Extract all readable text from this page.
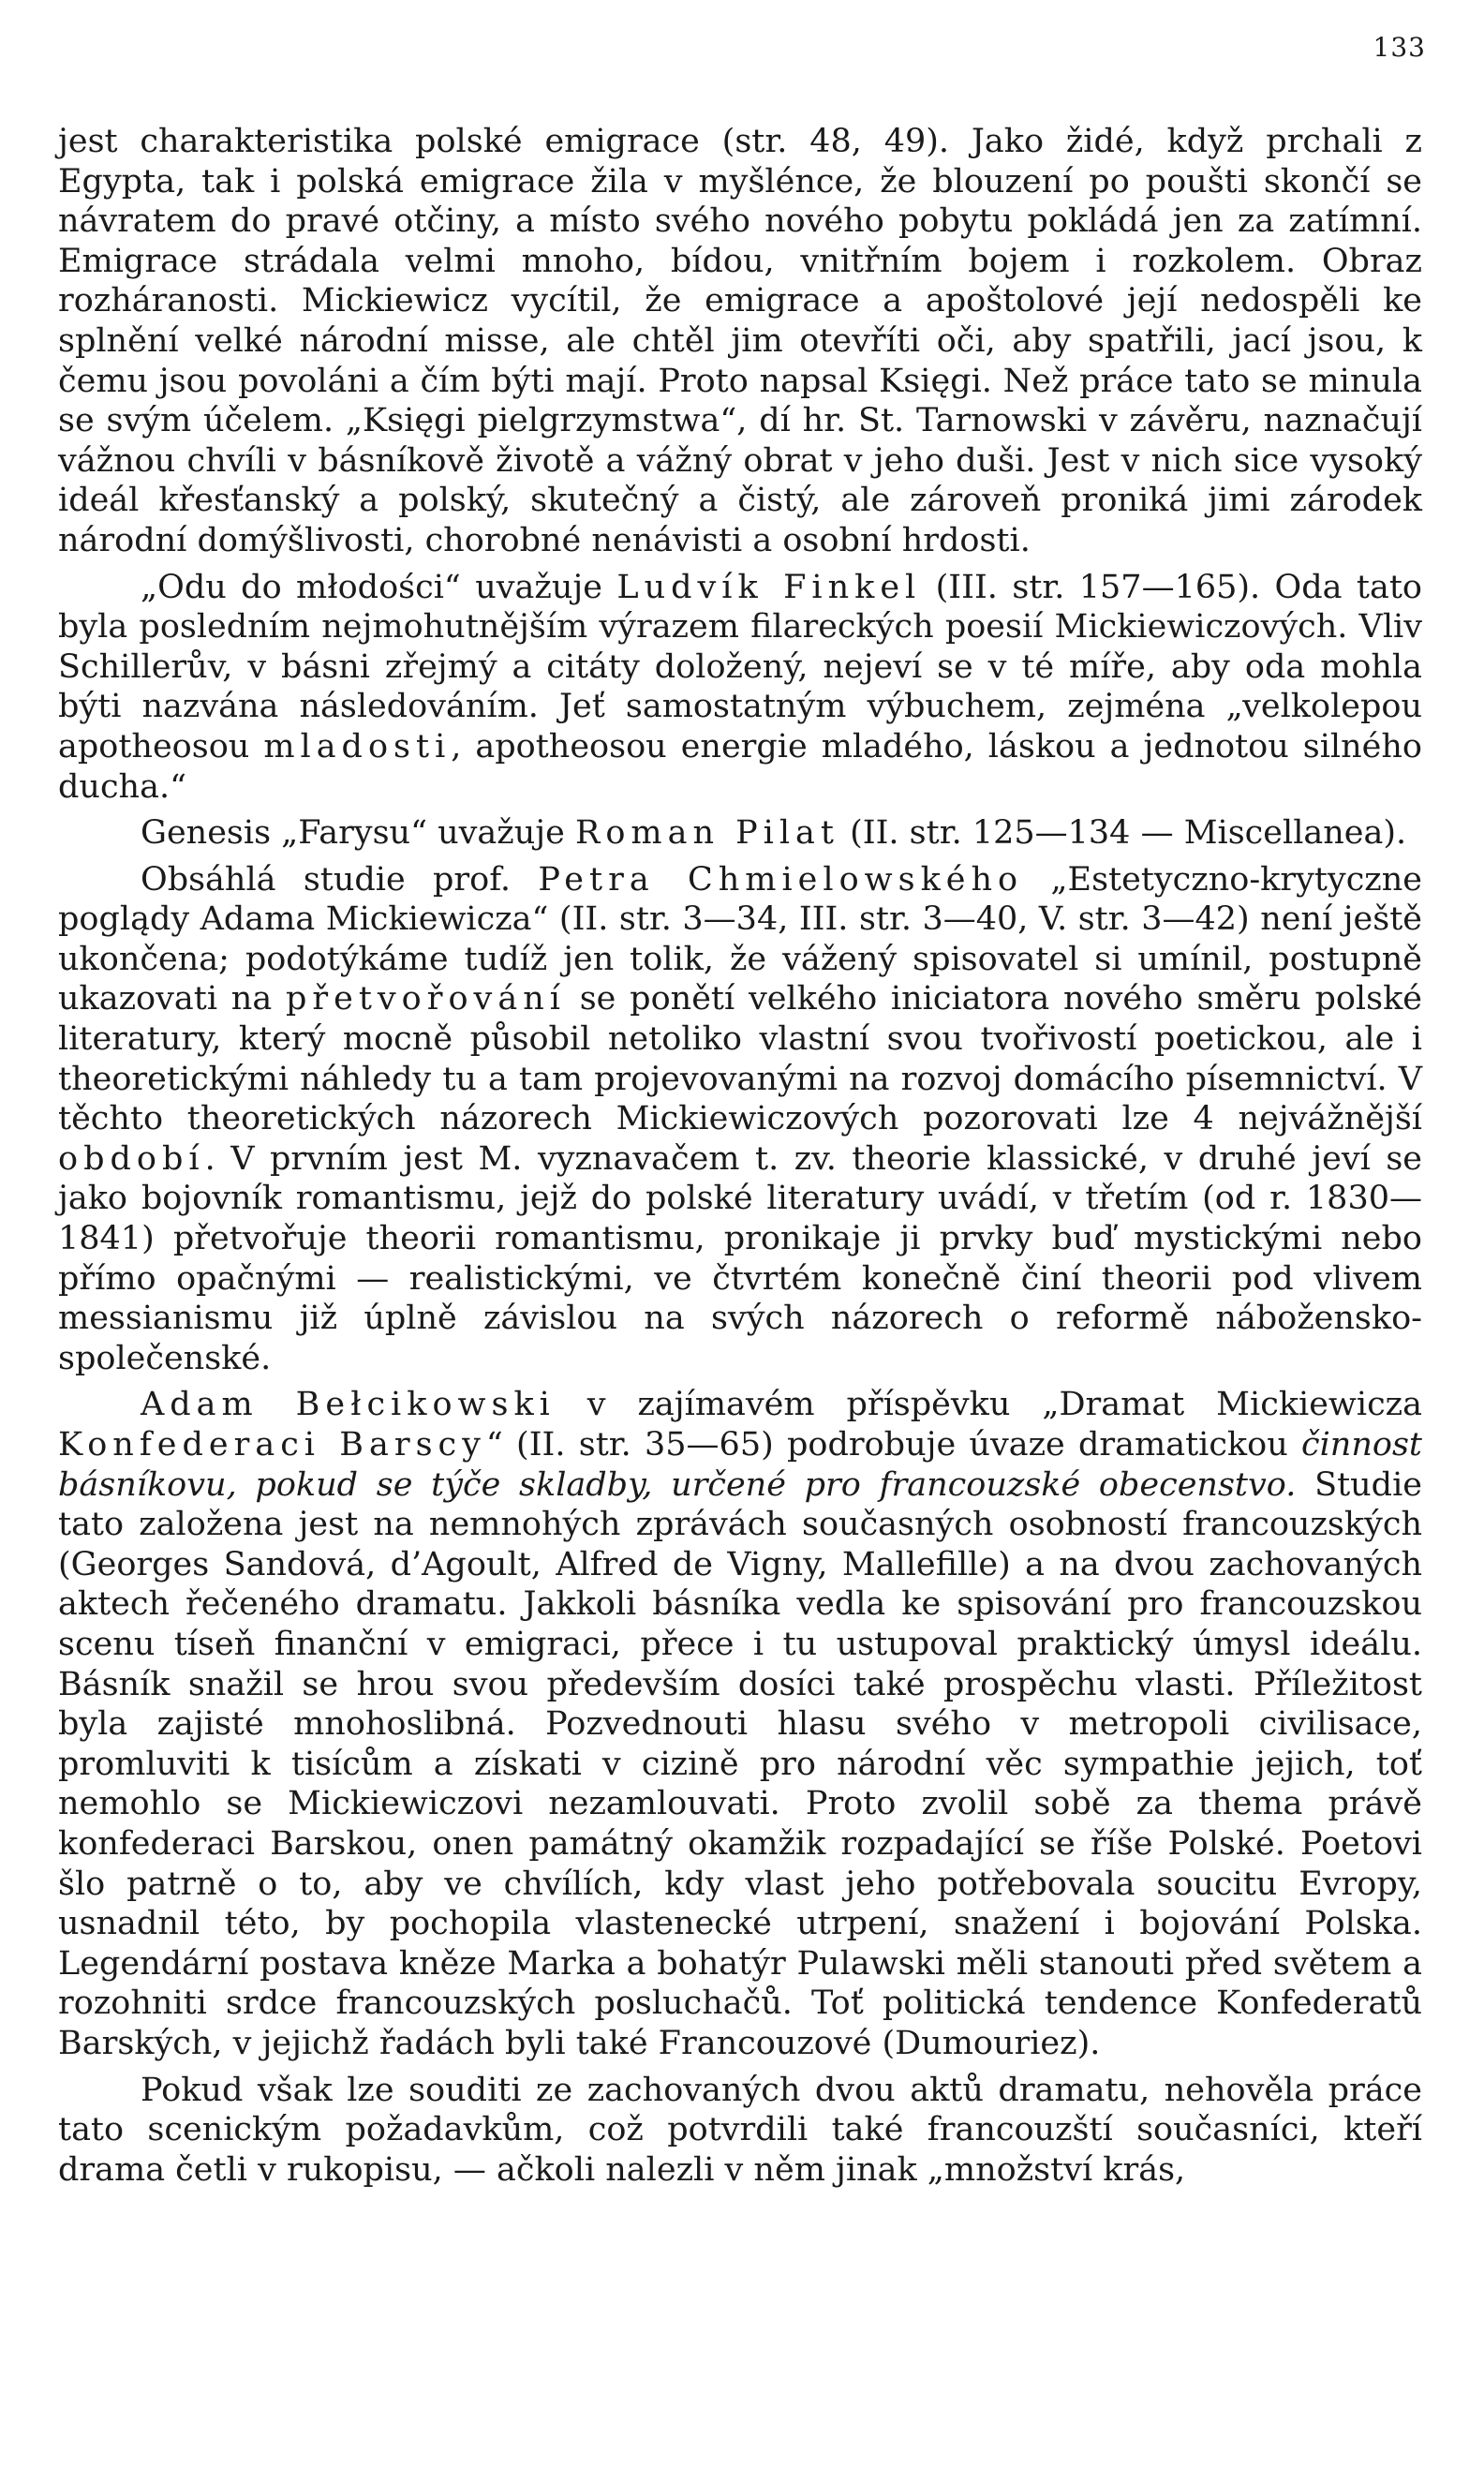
133

jest charakteristika polské emigrace (str. 48, 49). Jako židé, když prchali z Egypta, tak i polská emigrace žila v myšlénce, že blouzení po poušti skončí se návratem do pravé otčiny, a místo svého nového pobytu pokládá jen za zatímní. Emigrace strádala velmi mnoho, bídou, vnitřním bojem i rozkolem. Obraz rozháranosti. Mickiewicz vycítil, že emigrace a apoštolové její nedospěli ke splnění velké národní misse, ale chtěl jim otevříti oči, aby spatřili, jací jsou, k čemu jsou povoláni a čím býti mají. Proto napsal Księgi. Než práce tato se minula se svým účelem. „Księgi pielgrzymstwa“, dí hr. St. Tarnowski v závěru, naznačují vážnou chvíli v básníkově životě a vážný obrat v jeho duši. Jest v nich sice vysoký ideál křesťanský a polský, skutečný a čistý, ale zároveň proniká jimi zárodek národní domýšlivosti, chorobné nenávisti a osobní hrdosti.

„Odu do młodości“ uvažuje Ludvík Finkel (III. str. 157—165). Oda tato byla posledním nejmohutnějším výrazem filareckých poesií Mickiewiczových. Vliv Schillerův, v básni zřejmý a citáty doložený, nejeví se v té míře, aby oda mohla býti nazvána následováním. Jeť samostatným výbuchem, zejména „velkolepou apotheosou mladosti, apotheosou energie mladého, láskou a jednotou silného ducha.“

Genesis „Farysu“ uvažuje Roman Pilat (II. str. 125—134 — Miscellanea).

Obsáhlá studie prof. Petra Chmielowského „Estetyczno-krytyczne poglądy Adama Mickiewicza“ (II. str. 3—34, III. str. 3—40, V. str. 3—42) není ještě ukončena; podotýkáme tudíž jen tolik, že vážený spisovatel si umínil, postupně ukazovati na přetvořování se ponětí velkého iniciatora nového směru polské literatury, který mocně působil netoliko vlastní svou tvořivostí poetickou, ale i theoretickými náhledy tu a tam projevovanými na rozvoj domácího písemnictví. V těchto theoretických názorech Mickiewiczových pozorovati lze 4 nejvážnější období. V prvním jest M. vyznavačem t. zv. theorie klassické, v druhé jeví se jako bojovník romantismu, jejž do polské literatury uvádí, v třetím (od r. 1830—1841) přetvořuje theorii romantismu, pronikaje ji prvky buď mystickými nebo přímo opačnými — realistickými, ve čtvrtém konečně činí theorii pod vlivem messianismu již úplně závislou na svých názorech o reformě nábožensko-společenské.

Adam Bełcikowski v zajímavém příspěvku „Dramat Mickiewicza Konfederaci Barscy“ (II. str. 35—65) podrobuje úvaze dramatickou činnost básníkovu, pokud se týče skladby, určené pro francouzské obecenstvo. Studie tato založena jest na nemnohých zprávách současných osobností francouzských (Georges Sandová, d’Agoult, Alfred de Vigny, Mallefille) a na dvou zachovaných aktech řečeného dramatu. Jakkoli básníka vedla ke spisování pro francouzskou scenu tíseň finanční v emigraci, přece i tu ustupoval praktický úmysl ideálu. Básník snažil se hrou svou především dosíci také prospěchu vlasti. Příležitost byla zajisté mnohoslibná. Pozvednouti hlasu svého v metropoli civilisace, promluviti k tisícům a získati v cizině pro národní věc sympathie jejich, toť nemohlo se Mickiewiczovi nezamlouvati. Proto zvolil sobě za thema právě konfederaci Barskou, onen památný okamžik rozpadající se říše Polské. Poetovi šlo patrně o to, aby ve chvílích, kdy vlast jeho potřebovala soucitu Evropy, usnadnil této, by pochopila vlastenecké utrpení, snažení i bojování Polska. Legendární postava kněze Marka a bohatýr Pulawski měli stanouti před světem a rozohniti srdce francouzských posluchačů. Toť politická tendence Konfederatů Barských, v jejichž řadách byli také Francouzové (Dumouriez).

Pokud však lze souditi ze zachovaných dvou aktů dramatu, nehověla práce tato scenickým požadavkům, což potvrdili také francouzští současníci, kteří drama četli v rukopisu, — ačkoli nalezli v něm jinak „množství krás,
